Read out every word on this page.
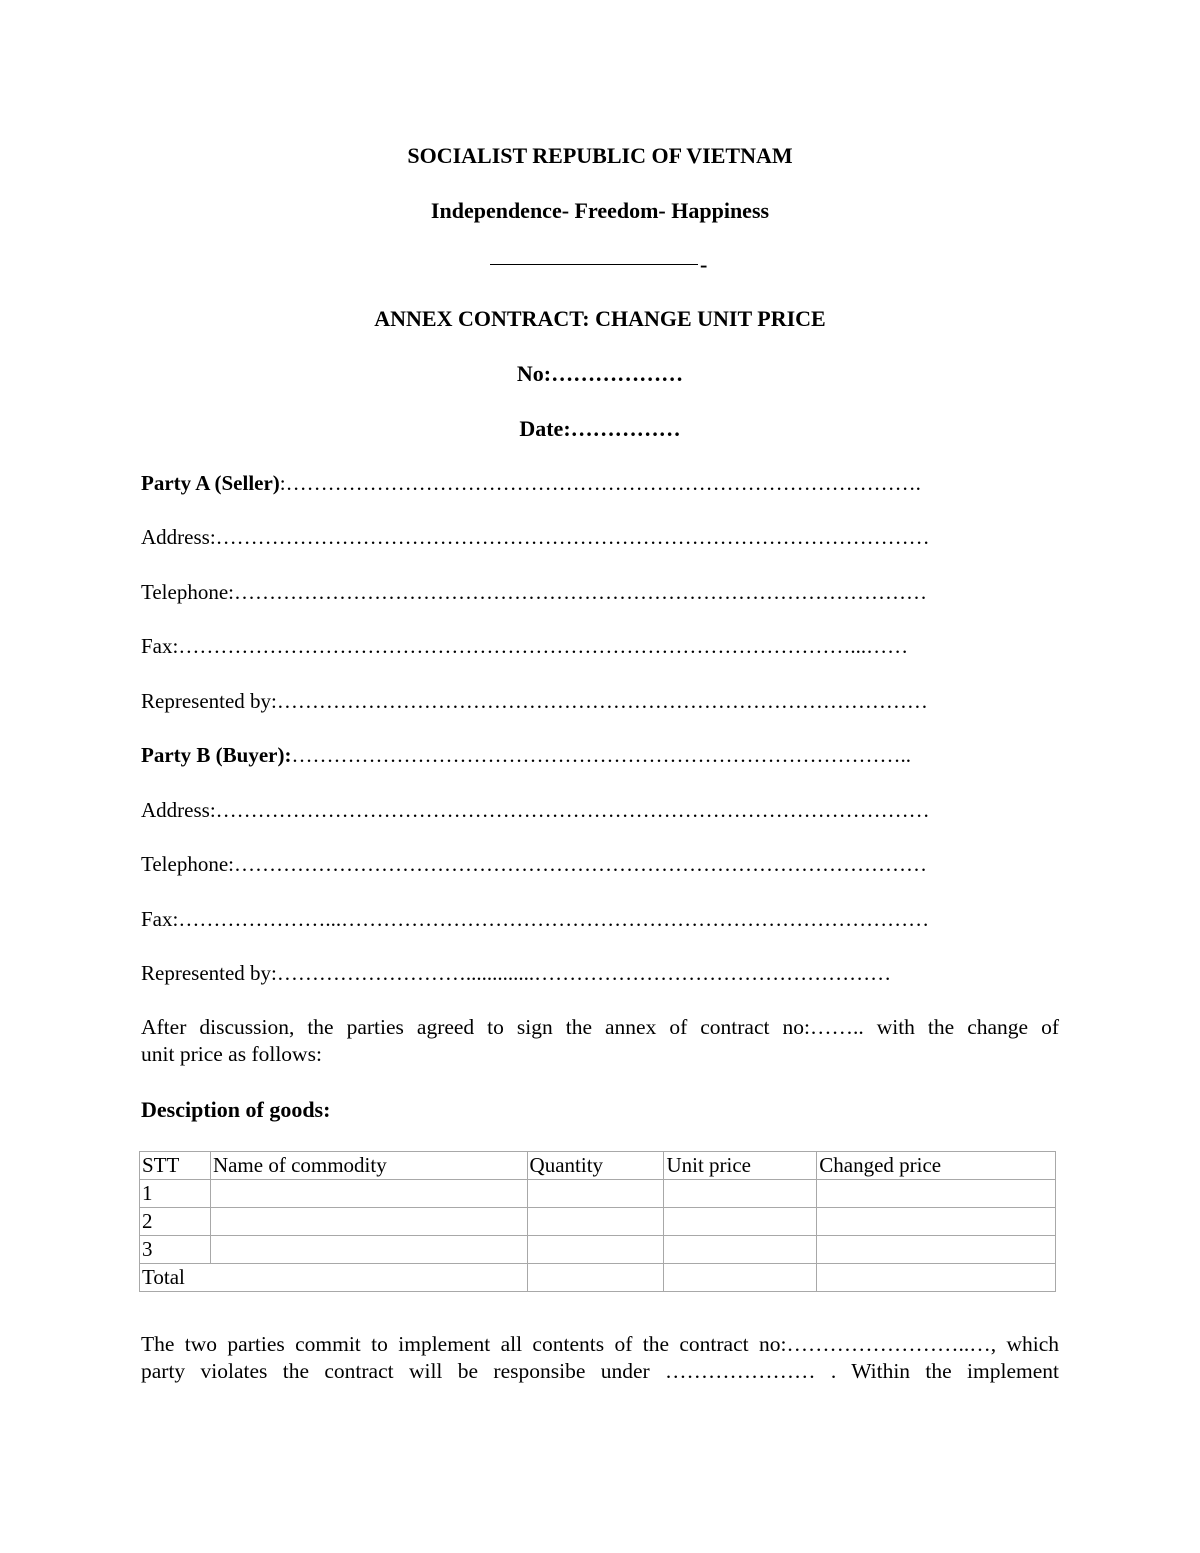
SOCIALIST REPUBLIC OF VIETNAM
Independence- Freedom- Happiness
-
ANNEX CONTRACT: CHANGE UNIT PRICE
No:………………
Date:……………
Party A (Seller):……………………………………………………………………………….
Address:…………………………………………………………………………………………
Telephone:………………………………………………………………………………………
Fax:……………………………………………………………………………………...……
Represented by:…………………………………………………………………………………
Party B (Buyer):……………………………………………………………………………..
Address:…………………………………………………………………………………………
Telephone:………………………………………………………………………………………
Fax:…………………...…………………………………………………………………………
Represented by:……………………….............……………………………………………
After discussion, the parties agreed to sign the annex of contract no:…….. with the change of
unit price as follows:
Desciption of goods:
STT	Name of commodity	Quantity	Unit price	Changed price
1				
2				
3				
Total				
The two parties commit to implement all contents of the contract no:……………………..…, which
party violates the contract will be responsibe under ………………… . Within the implement
